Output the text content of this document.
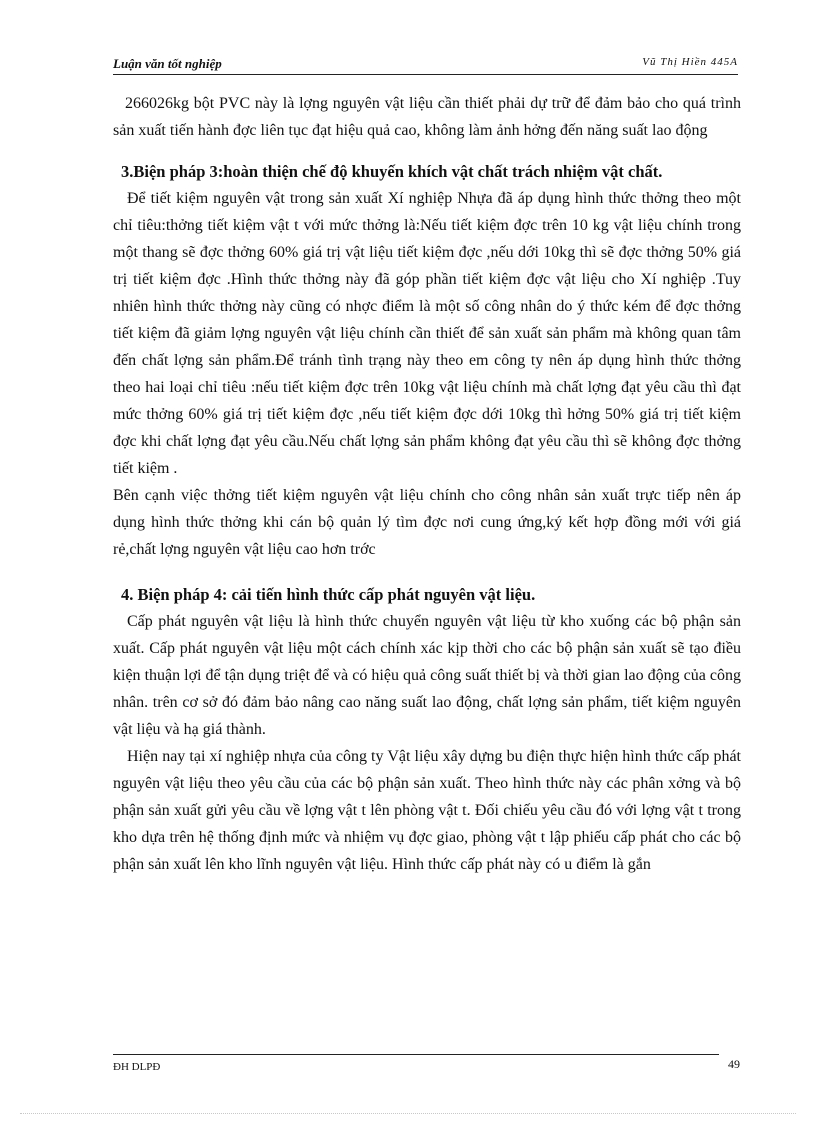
Luận văn tốt nghiệp	Vũ Thị Hiền 445A

266026kg bột PVC này là lợng nguyên vật liệu cần thiết phải dự trữ để đảm bảo cho quá trình sản xuất tiến hành đợc liên tục đạt hiệu quả cao, không làm ảnh hởng đến năng suất lao động

3.Biện pháp 3:hoàn thiện chế độ khuyến khích vật chất trách nhiệm vật chất.

Để tiết kiệm nguyên vật trong sản xuất Xí nghiệp Nhựa đã áp dụng hình thức thởng theo một chỉ tiêu:thởng tiết kiệm vật t với mức thởng là:Nếu tiết kiệm đợc trên 10 kg vật liệu chính trong một thang sẽ đợc thởng 60% giá trị vật liệu tiết kiệm đợc ,nếu dới 10kg thì sẽ đợc thởng 50% giá trị tiết kiệm đợc .Hình thức thởng này đã góp phần tiết kiệm đợc vật liệu cho Xí nghiệp .Tuy nhiên hình thức thởng này cũng có nhợc điểm là một số công nhân do ý thức kém để đợc thởng tiết kiệm đã giảm lợng nguyên vật liệu chính cần thiết để sản xuất sản phẩm mà không quan tâm đến chất lợng sản phẩm.Để tránh tình trạng này theo em công ty nên áp dụng hình thức thởng theo hai loại chỉ tiêu :nếu tiết kiệm đợc trên 10kg vật liệu chính mà chất lợng đạt yêu cầu thì đạt mức thởng 60% giá trị tiết kiệm đợc ,nếu tiết kiệm đợc dới 10kg thì hởng 50% giá trị tiết kiệm đợc khi chất lợng đạt yêu cầu.Nếu chất lợng sản phẩm không đạt yêu cầu thì sẽ không đợc thởng tiết kiệm .

Bên cạnh việc thởng tiết kiệm nguyên vật liệu chính cho công nhân sản xuất trực tiếp nên áp dụng hình thức thởng khi cán bộ quản lý tìm đợc nơi cung ứng,ký kết hợp đồng mới với giá rẻ,chất lợng nguyên vật liệu cao hơn trớc

4. Biện pháp 4: cải tiến hình thức cấp phát nguyên vật liệu.

Cấp phát nguyên vật liệu là hình thức chuyển nguyên vật liệu từ kho xuống các bộ phận sản xuất. Cấp phát nguyên vật liệu một cách chính xác kịp thời cho các bộ phận sản xuất sẽ tạo điều kiện thuận lợi để tận dụng triệt để và có hiệu quả công suất thiết bị và thời gian lao động của công nhân. trên cơ sở đó đảm bảo nâng cao năng suất lao động, chất lợng sản phẩm, tiết kiệm nguyên vật liệu và hạ giá thành.

Hiện nay tại xí nghiệp nhựa của công ty Vật liệu xây dựng bu điện thực hiện hình thức cấp phát nguyên vật liệu theo yêu cầu của các bộ phận sản xuất. Theo hình thức này các phân xởng và bộ phận sản xuất gửi yêu cầu về lợng vật t lên phòng vật t. Đối chiếu yêu cầu đó với lợng vật t trong kho dựa trên hệ thống định mức và nhiệm vụ đợc giao, phòng vật t lập phiếu cấp phát cho các bộ phận sản xuất lên kho lĩnh nguyên vật liệu. Hình thức cấp phát này có u điểm là gắn

ĐH DLPĐ	49
